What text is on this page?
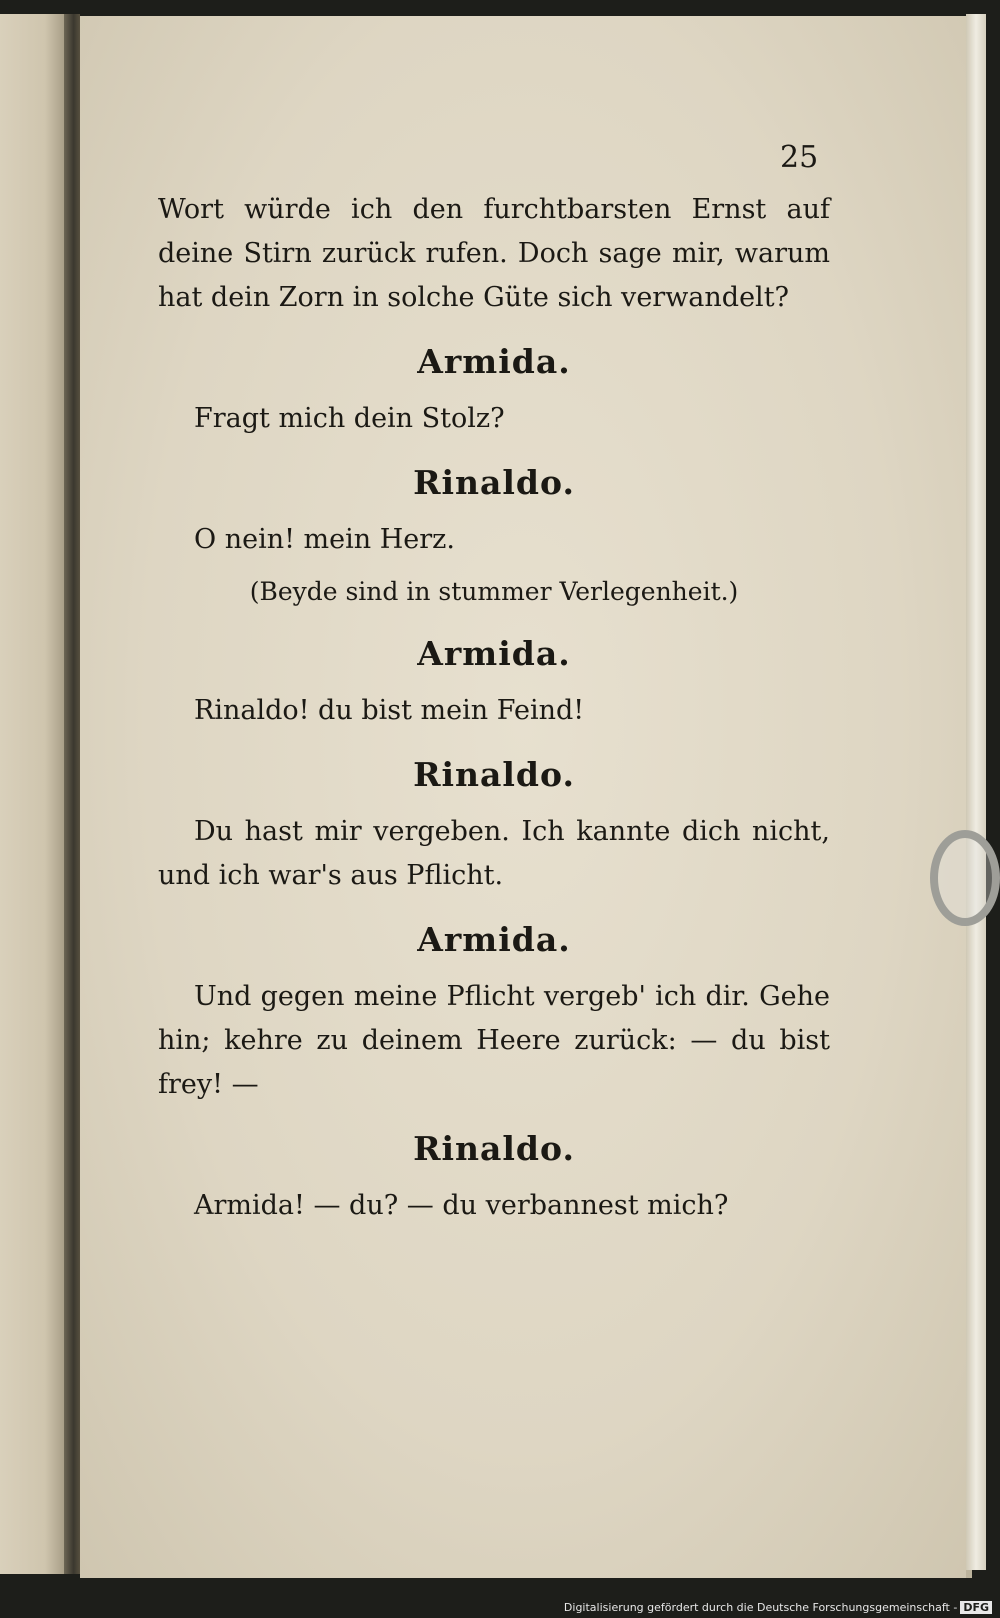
25

Wort würde ich den furchtbarsten Ernst auf deine Stirn zurück rufen. Doch sage mir, warum hat dein Zorn in solche Güte sich verwandelt?

Armida.

Fragt mich dein Stolz?

Rinaldo.

O nein! mein Herz.

(Beyde sind in stummer Verlegenheit.)

Armida.

Rinaldo! du bist mein Feind!

Rinaldo.

Du hast mir vergeben. Ich kannte dich nicht, und ich war's aus Pflicht.

Armida.

Und gegen meine Pflicht vergeb' ich dir. Gehe hin; kehre zu deinem Heere zurück: — du bist frey! —

Rinaldo.

Armida! — du? — du verbannest mich?

Digitalisierung gefördert durch die Deutsche Forschungsgemeinschaft - DFG
